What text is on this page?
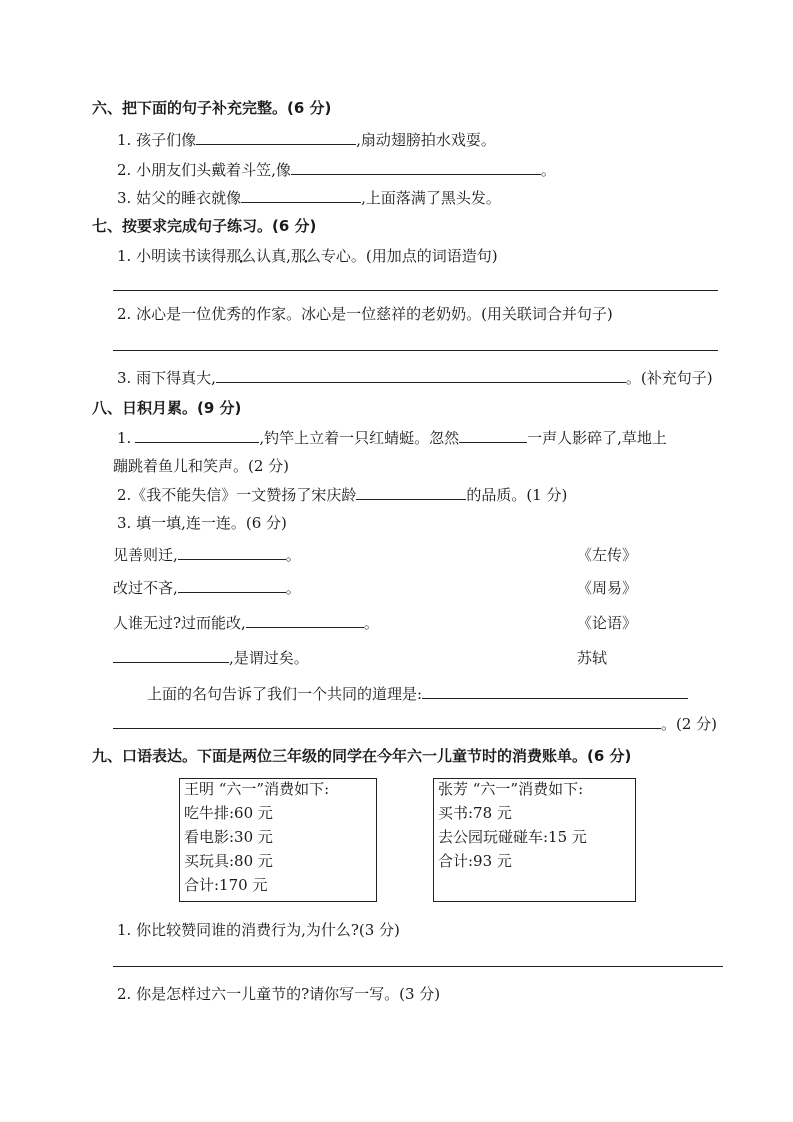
六、把下面的句子补充完整。(6 分)
1. 孩子们像	,扇动翅膀拍水戏耍。
2. 小朋友们头戴着斗笠,像	。
3. 姑父的睡衣就像	,上面落满了黑头发。
七、按要求完成句子练习。(6 分)
1. 小明读书读得那么认真,那么专心。(用加点的词语造句)
2. 冰心是一位优秀的作家。冰心是一位慈祥的老奶奶。(用关联词合并句子)
3. 雨下得真大,	。(补充句子)
八、日积月累。(9 分)
1.	,钓竿上立着一只红蜻蜓。忽然	一声人影碎了,草地上
蹦跳着鱼儿和笑声。(2 分)
2.《我不能失信》一文赞扬了宋庆龄	的品质。(1 分)
3. 填一填,连一连。(6 分)
见善则迁,	。	《左传》
改过不吝,	。	《周易》
人谁无过?过而能改,	。	《论语》
,是谓过矣。	苏轼
上面的名句告诉了我们一个共同的道理是:
。(2 分)
九、口语表达。下面是两位三年级的同学在今年六一儿童节时的消费账单。(6 分)
王明 “六一”消费如下:
吃牛排:60 元
看电影:30 元
买玩具:80 元
合计:170 元
张芳 “六一”消费如下:
买书:78 元
去公园玩碰碰车:15 元
合计:93 元
1. 你比较赞同谁的消费行为,为什么?(3 分)
2. 你是怎样过六一儿童节的?请你写一写。(3 分)
